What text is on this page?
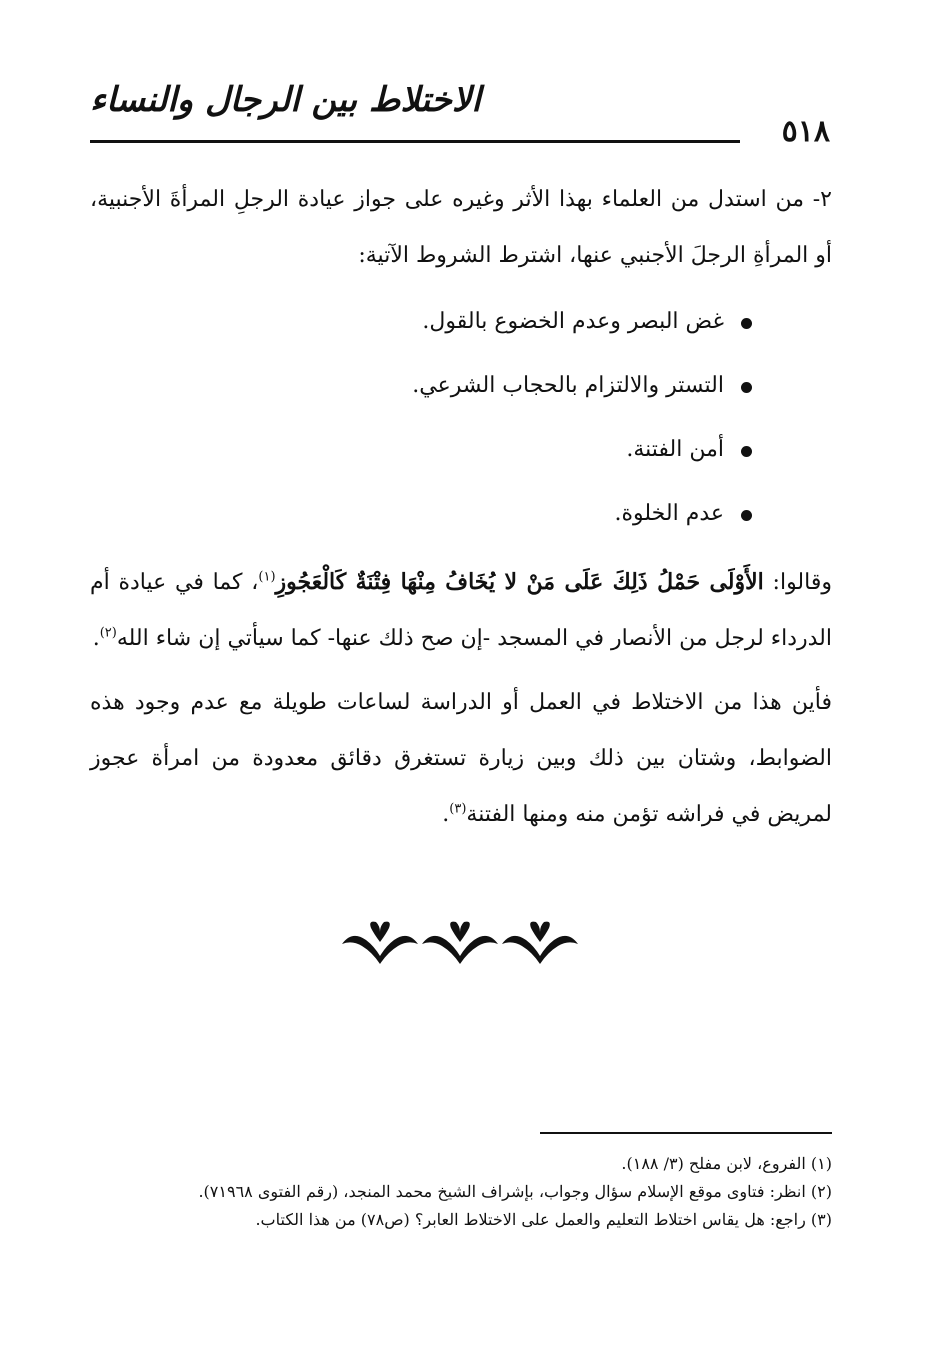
الاختلاط بين الرجال والنساء
٥١٨

٢- من استدل من العلماء بهذا الأثر وغيره على جواز عيادة الرجلِ المرأةَ الأجنبية، أو المرأةِ الرجلَ الأجنبي عنها، اشترط الشروط الآتية:

غض البصر وعدم الخضوع بالقول.
التستر والالتزام بالحجاب الشرعي.
أمن الفتنة.
عدم الخلوة.

وقالوا: الأَوْلَى حَمْلُ ذَلِكَ عَلَى مَنْ لا يُخَافُ مِنْهَا فِتْنَةٌ كَالْعَجُوزِ$^{(١)}$، كما في عيادة أم الدرداء لرجل من الأنصار في المسجد -إن صح ذلك عنها- كما سيأتي إن شاء الله$^{(٢)}$.

فأين هذا من الاختلاط في العمل أو الدراسة لساعات طويلة مع عدم وجود هذه الضوابط، وشتان بين ذلك وبين زيارة تستغرق دقائق معدودة من امرأة عجوز لمريض في فراشه تؤمن منه ومنها الفتنة$^{(٣)}$.

(١) الفروع، لابن مفلح (٣/ ١٨٨).

(٢) انظر: فتاوى موقع الإسلام سؤال وجواب، بإشراف الشيخ محمد المنجد، (رقم الفتوى ٧١٩٦٨).

(٣) راجع: هل يقاس اختلاط التعليم والعمل على الاختلاط العابر؟ (ص٧٨) من هذا الكتاب.
